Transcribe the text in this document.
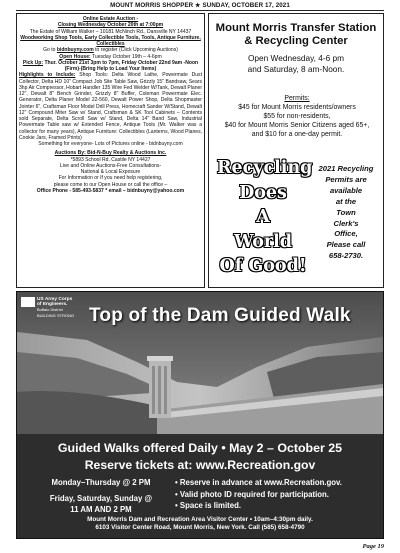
MOUNT MORRIS SHOPPER ★ SUNDAY, OCTOBER 17, 2021

Online Estate Auction -

Closing Wednesday October 20th at 7:00pm

The Estate of William Walker – 10181 McNinch Rd., Dansville NY 14437

Woodworking Shop Tools, Early Collectible Tools, Tools, Antique Furniture, Collectibles

Go to bidnbuyny.com to register (Click Upcoming Auctions)

Open House: Tuesday October 19th – 4-6pm

Pick Up: Thur. October 21st 3pm to 7pm, Friday October 22nd 9am -Noon (Firm)-(Bring Help to Load Your Items)

Highlights to Include: Shop Tools: Delta Wood Lathe, Powermate Dust Collector, Delta HD 10" Compact Job Site Table Saw, Grizzly 15" Bandsaw, Sears 3hp Air Compressor, Hobart Handler 135 Wire Fed Welder W/Tank, Dewalt Planer 12", Dewalt 8" Bench Grinder, Grizzly 8" Buffer, Coleman Powermate Elec. Generator, Delta Planer Model 22-560, Dewalt Power Shop, Delta Shopmaster Jointer 6", Craftsman Floor Model Drill Press, Homecraft Sander W/Stand, Dewalt 12" Compound Miter Saw w/ Stand, Craftsman & SK Tool Cabinets – Contents sold Separate, Delta Scroll Saw w/ Stand, Delta 14" Band Saw, Industrial Powermate Table saw w/ Extended Fence, Antique Tools (Mr. Walker was a collector for many years), Antique Furniture: Collectibles (Lanterns, Wood Planes, Cookie Jars, Framed Prints)

Something for everyone- Lots of Pictures online - bidnbuyny.com

Auctions By: Bid-N-Buy Realty & Auctions Inc.

*5893 School Rd. Castile NY 14427

Live and Online Auctions-Free Consultations-

National & Local Exposure

For Information or If you need help registering,

please come to our Open House or call the office –

Office Phone - 585-493-5837 * email – bidnbuyny@yahoo.com

Mount Morris Transfer Station
& Recycling Center
Open Wednesday, 4-6 pm
and Saturday, 8 am-Noon.
Permits:
$45 for Mount Morris residents/owners
$55 for non-residents,
$40 for Mount Morris Senior Citizens aged 65+,
and $10 for a one-day permit.
Recycling
Does
A
World
Of Good!
2021 Recycling
Permits are
available
at the
Town
Clerk's
Office,
Please call
658-2730.
US Army Corps
of Engineers.
Buffalo District
BUILDING STRONG Top of the Dam Guided Walk
Guided Walks offered Daily • May 2 – October 25
Reserve tickets at: www.Recreation.gov
Monday–Thursday @ 2 PM
Friday, Saturday, Sunday @
11 AM AND 2 PM
• Reserve in advance at www.Recreation.gov.
• Valid photo ID required for participation.
• Space is limited.
Mount Morris Dam and Recreation Area Visitor Center • 10am–4:30pm daily.
6103 Visitor Center Road, Mount Morris, New York. Call (585) 658-4790
Page 19
